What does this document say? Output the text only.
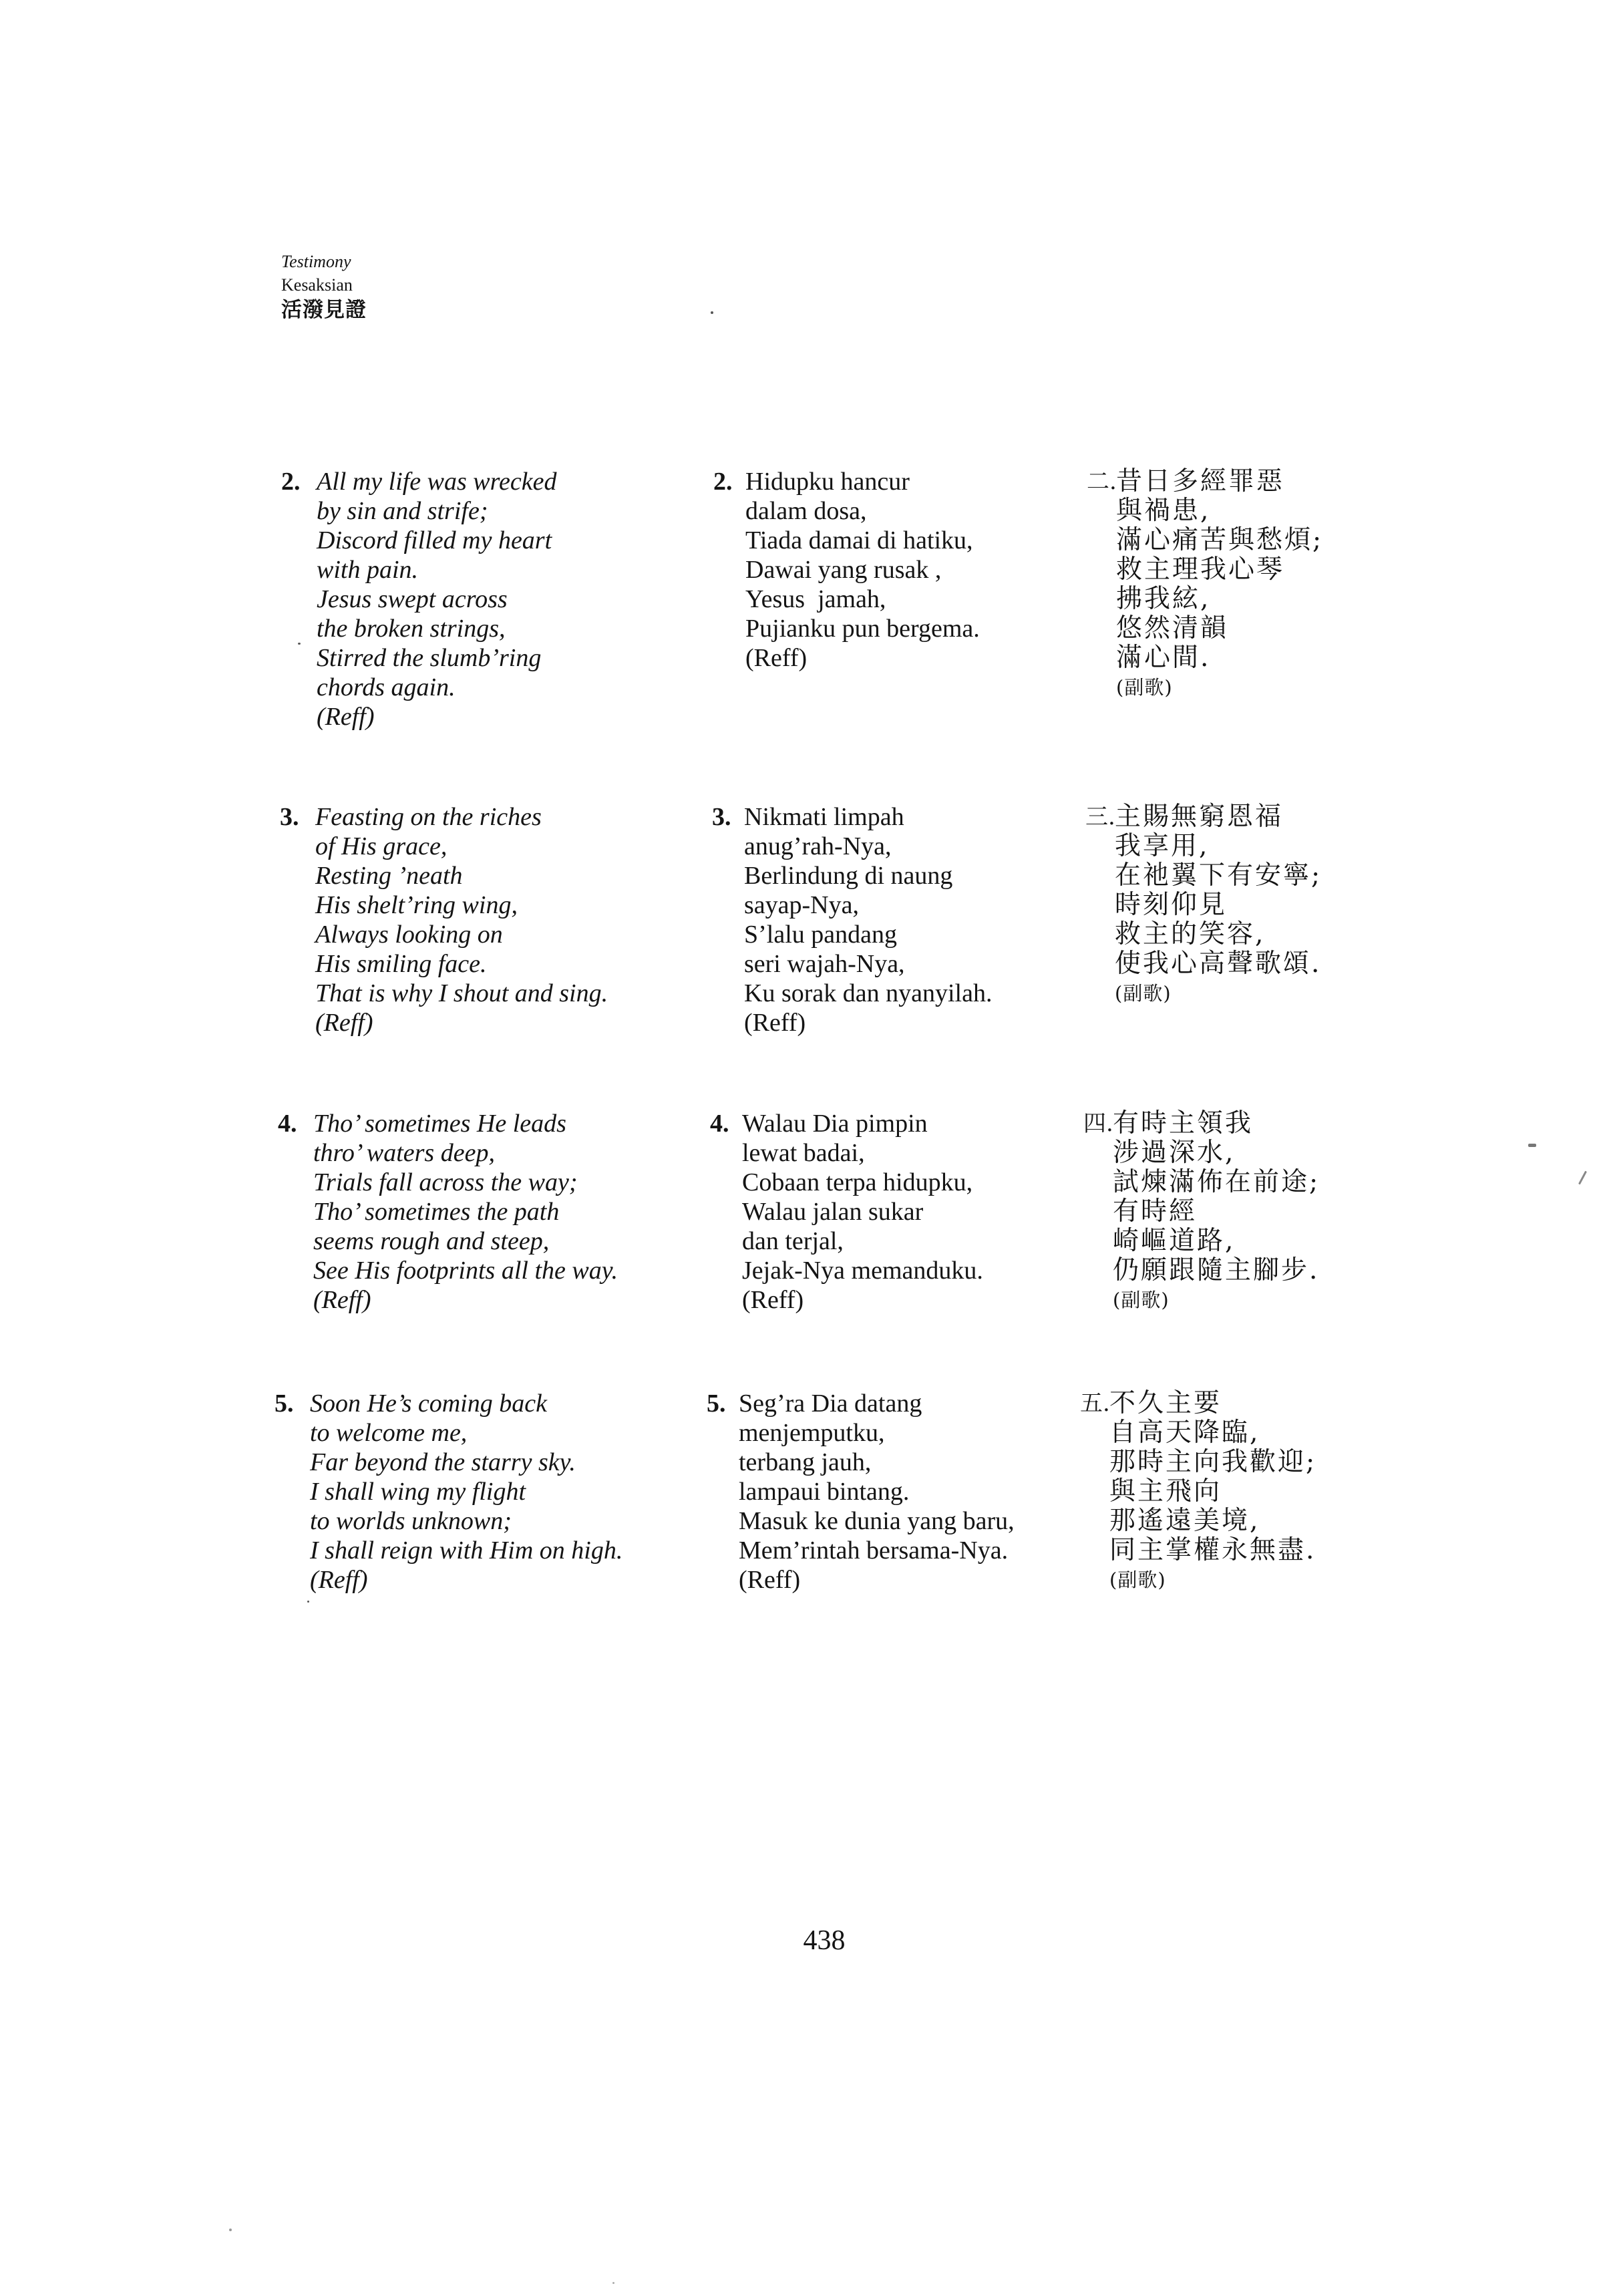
Testimony
Kesaksian
活潑見證
2. All my life was wrecked
by sin and strife;
Discord filled my heart
with pain.
Jesus swept across
the broken strings,
Stirred the slumb’ring
chords again.
(Reff)
2. Hidupku hancur
dalam dosa,
Tiada damai di hatiku,
Dawai yang rusak ,
Yesus  jamah,
Pujianku pun bergema.
(Reff)
二. 昔日多經罪惡
與禍患,
滿心痛苦與愁煩;
救主理我心琴
拂我絃,
悠然清韻
滿心間.
(副歌)
3. Feasting on the riches
of His grace,
Resting ’neath
His shelt’ring wing,
Always looking on
His smiling face.
That is why I shout and sing.
(Reff)
3. Nikmati limpah
anug’rah-Nya,
Berlindung di naung
sayap-Nya,
S’lalu pandang
seri wajah-Nya,
Ku sorak dan nyanyilah.
(Reff)
三. 主賜無窮恩福
我享用,
在祂翼下有安寧;
時刻仰見
救主的笑容,
使我心高聲歌頌.
(副歌)
4. Tho’ sometimes He leads
thro’ waters deep,
Trials fall across the way;
Tho’ sometimes the path
seems rough and steep,
See His footprints all the way.
(Reff)
4. Walau Dia pimpin
lewat badai,
Cobaan terpa hidupku,
Walau jalan sukar
dan terjal,
Jejak-Nya memanduku.
(Reff)
四. 有時主領我
涉過深水,
試煉滿佈在前途;
有時經
崎嶇道路,
仍願跟隨主腳步.
(副歌)
5. Soon He’s coming back
to welcome me,
Far beyond the starry sky.
I shall wing my flight
to worlds unknown;
I shall reign with Him on high.
(Reff)
5. Seg’ra Dia datang
menjemputku,
terbang jauh,
lampaui bintang.
Masuk ke dunia yang baru,
Mem’rintah bersama-Nya.
(Reff)
五. 不久主要
自高天降臨,
那時主向我歡迎;
與主飛向
那遙遠美境,
同主掌權永無盡.
(副歌)
438
